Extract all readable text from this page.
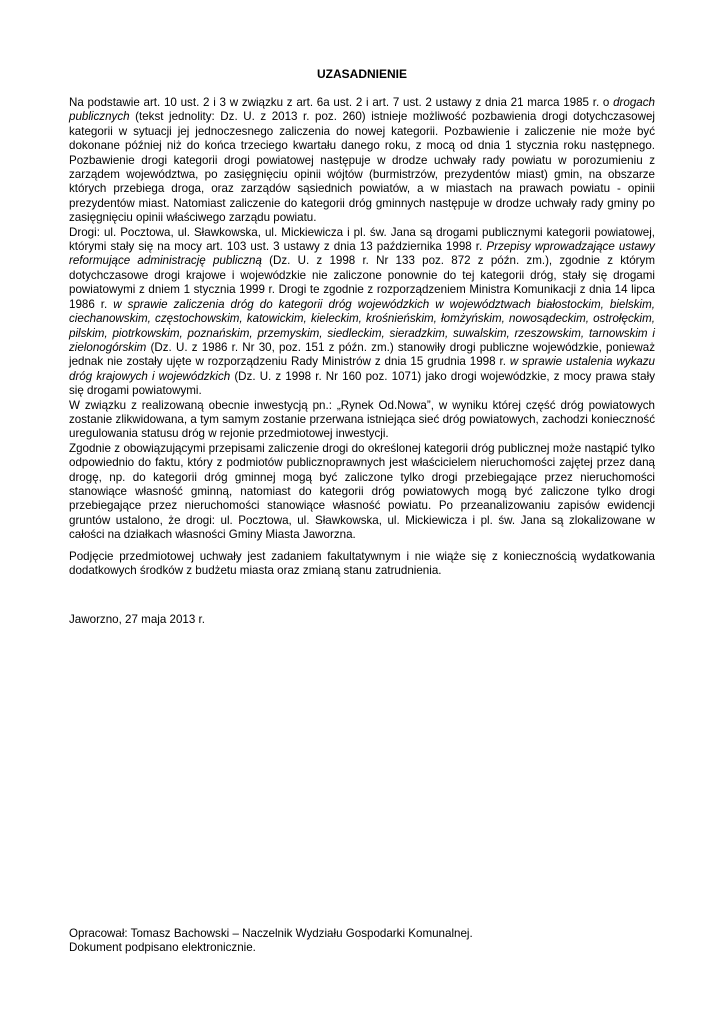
UZASADNIENIE

Na podstawie art. 10 ust. 2 i 3 w związku z art. 6a ust. 2 i art. 7 ust. 2 ustawy z dnia 21 marca 1985 r. o drogach publicznych (tekst jednolity: Dz. U. z 2013 r. poz. 260) istnieje możliwość pozbawienia drogi dotychczasowej kategorii w sytuacji jej jednoczesnego zaliczenia do nowej kategorii. Pozbawienie i zaliczenie nie może być dokonane później niż do końca trzeciego kwartału danego roku, z mocą od dnia 1 stycznia roku następnego. Pozbawienie drogi kategorii drogi powiatowej następuje w drodze uchwały rady powiatu w porozumieniu z zarządem województwa, po zasięgnięciu opinii wójtów (burmistrzów, prezydentów miast) gmin, na obszarze których przebiega droga, oraz zarządów sąsiednich powiatów, a w miastach na prawach powiatu - opinii prezydentów miast. Natomiast zaliczenie do kategorii dróg gminnych następuje w drodze uchwały rady gminy po zasięgnięciu opinii właściwego zarządu powiatu.

Drogi: ul. Pocztowa, ul. Sławkowska, ul. Mickiewicza i pl. św. Jana są drogami publicznymi kategorii powiatowej, którymi stały się na mocy art. 103 ust. 3 ustawy z dnia 13 października 1998 r. Przepisy wprowadzające ustawy reformujące administrację publiczną (Dz. U. z 1998 r. Nr 133 poz. 872 z późn. zm.), zgodnie z którym dotychczasowe drogi krajowe i wojewódzkie nie zaliczone ponownie do tej kategorii dróg, stały się drogami powiatowymi z dniem 1 stycznia 1999 r. Drogi te zgodnie z rozporządzeniem Ministra Komunikacji z dnia 14 lipca 1986 r. w sprawie zaliczenia dróg do kategorii dróg wojewódzkich w województwach białostockim, bielskim, ciechanowskim, częstochowskim, katowickim, kieleckim, krośnieńskim, łomżyńskim, nowosądeckim, ostrołęckim, pilskim, piotrkowskim, poznańskim, przemyskim, siedleckim, sieradzkim, suwalskim, rzeszowskim, tarnowskim i zielonogórskim (Dz. U. z 1986 r. Nr 30, poz. 151 z późn. zm.) stanowiły drogi publiczne wojewódzkie, ponieważ jednak nie zostały ujęte w rozporządzeniu Rady Ministrów z dnia 15 grudnia 1998 r. w sprawie ustalenia wykazu dróg krajowych i wojewódzkich (Dz. U. z 1998 r. Nr 160 poz. 1071) jako drogi wojewódzkie, z mocy prawa stały się drogami powiatowymi.

W związku z realizowaną obecnie inwestycją pn.: „Rynek Od.Nowa”, w wyniku której część dróg powiatowych zostanie zlikwidowana, a tym samym zostanie przerwana istniejąca sieć dróg powiatowych, zachodzi konieczność uregulowania statusu dróg w rejonie przedmiotowej inwestycji.

Zgodnie z obowiązującymi przepisami zaliczenie drogi do określonej kategorii dróg publicznej może nastąpić tylko odpowiednio do faktu, który z podmiotów publicznoprawnych jest właścicielem nieruchomości zajętej przez daną drogę, np. do kategorii dróg gminnej mogą być zaliczone tylko drogi przebiegające przez nieruchomości stanowiące własność gminną, natomiast do kategorii dróg powiatowych mogą być zaliczone tylko drogi przebiegające przez nieruchomości stanowiące własność powiatu. Po przeanalizowaniu zapisów ewidencji gruntów ustalono, że drogi: ul. Pocztowa, ul. Sławkowska, ul. Mickiewicza i pl. św. Jana są zlokalizowane w całości na działkach własności Gminy Miasta Jaworzna.

Podjęcie przedmiotowej uchwały jest zadaniem fakultatywnym i nie wiąże się z koniecznością wydatkowania dodatkowych środków z budżetu miasta oraz zmianą stanu zatrudnienia.

Jaworzno, 27 maja 2013 r.
Opracował: Tomasz Bachowski – Naczelnik Wydziału Gospodarki Komunalnej.
Dokument podpisano elektronicznie.
